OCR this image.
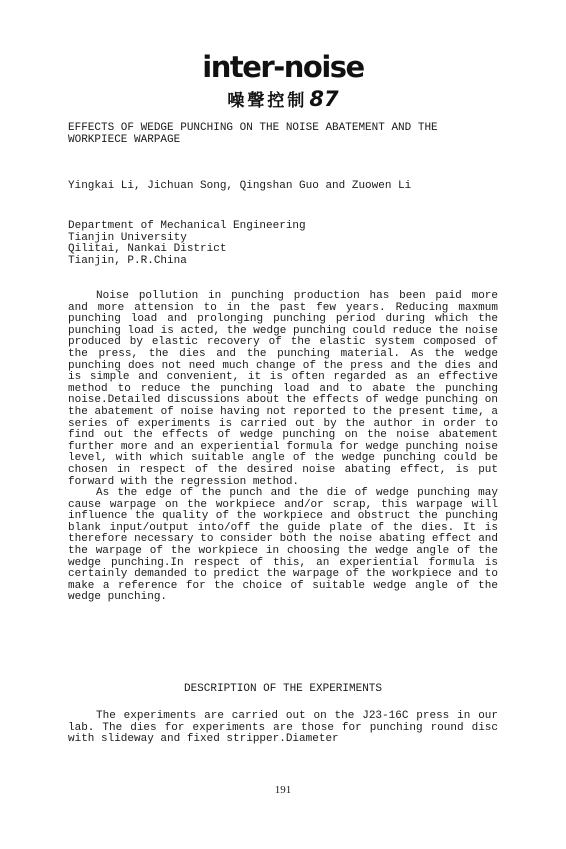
inter-noise
噪聲控制87
EFFECTS OF WEDGE PUNCHING ON THE NOISE ABATEMENT AND THE
WORKPIECE WARPAGE
Yingkai Li, Jichuan Song, Qingshan Guo and Zuowen Li
Department of Mechanical Engineering
Tianjin University
Qilitai, Nankai District
Tianjin, P.R.China

Noise pollution in punching production has been paid more and more attension to in the past few years. Reducing maxmum punching load and prolonging punching period during which the punching load is acted, the wedge punching could reduce the noise produced by elastic recovery of the elastic system composed of the press, the dies and the punching material. As the wedge punching does not need much change of the press and the dies and is simple and convenient, it is often regarded as an effective method to reduce the punching load and to abate the punching noise.Detailed discussions about the effects of wedge punching on the abatement of noise having not reported to the present time, a series of experiments is carried out by the author in order to find out the effects of wedge punching on the noise abatement further more and an experiential formula for wedge punching noise level, with which suitable angle of the wedge punching could be chosen in respect of the desired noise abating effect, is put forward with the regression method.

As the edge of the punch and the die of wedge punching may cause warpage on the workpiece and/or scrap, this warpage will influence the quality of the workpiece and obstruct the punching blank input/output into/off the guide plate of the dies. It is therefore necessary to consider both the noise abating effect and the warpage of the workpiece in choosing the wedge angle of the wedge punching.In respect of this, an experiential formula is certainly demanded to predict the warpage of the workpiece and to make a reference for the choice of suitable wedge angle of the wedge punching.

DESCRIPTION OF THE EXPERIMENTS

The experiments are carried out on the J23-16C press in our lab. The dies for experiments are those for punching round disc with slideway and fixed stripper.Diameter

191
